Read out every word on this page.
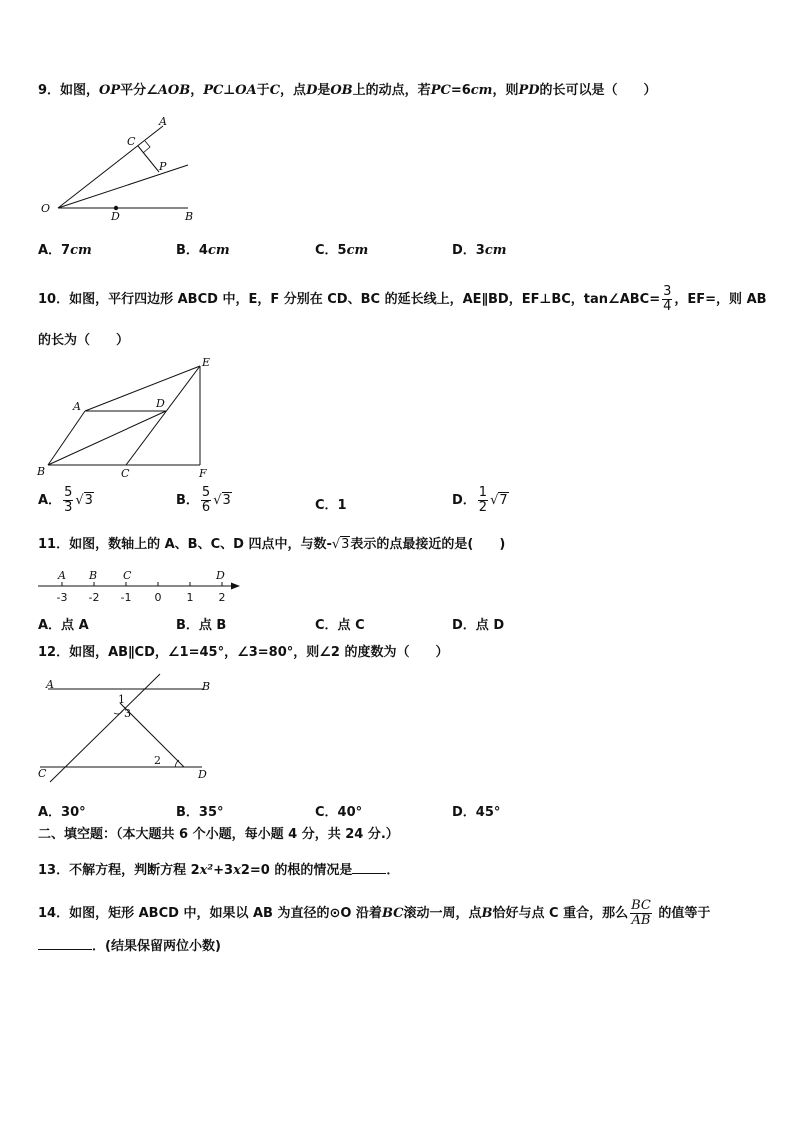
9．如图，OP平分∠AOB，PC⊥OA于C，点D是OB上的动点，若PC=6cm，则PD的长可以是（　　）
A
C
P
O
D	B
A．7cm	B．4cm	C．5cm	D．3cm
10．如图，平行四边形 ABCD 中，E，F 分别在 CD、BC 的延长线上，AE∥BD，EF⊥BC，tan∠ABC= $\frac{3}{4}$ ，EF=，则 AB
的长为（　　）
A	D
E
B	C	F
A． $\frac{5}{3} √3$	B． $\frac{5}{6} √3$	C．1	D． $\frac{1}{2} √7$
11．如图，数轴上的 A、B、C、D 四点中，与数-√3表示的点最接近的是(　　)
-3 -2 -1 0 1 2
A B C	D
A．点 A	B．点 B	C．点 C	D．点 D
12．如图，AB∥CD，∠1=45°，∠3=80°，则∠2 的度数为（　　）
A	B
C	D
1
3
2
A．30°	B．35°	C．40°	D．45°
二、填空题：（本大题共 6 个小题，每小题 4 分，共 24 分.）
13．不解方程，判断方程 2x²+3x2=0 的根的情况是	．
14．如图，矩形 ABCD 中，如果以 AB 为直径的⊙O 沿着BC滚动一周，点B恰好与点 C 重合，那么 $\frac{BC}{AB}$ 的值等于
．(结果保留两位小数)
